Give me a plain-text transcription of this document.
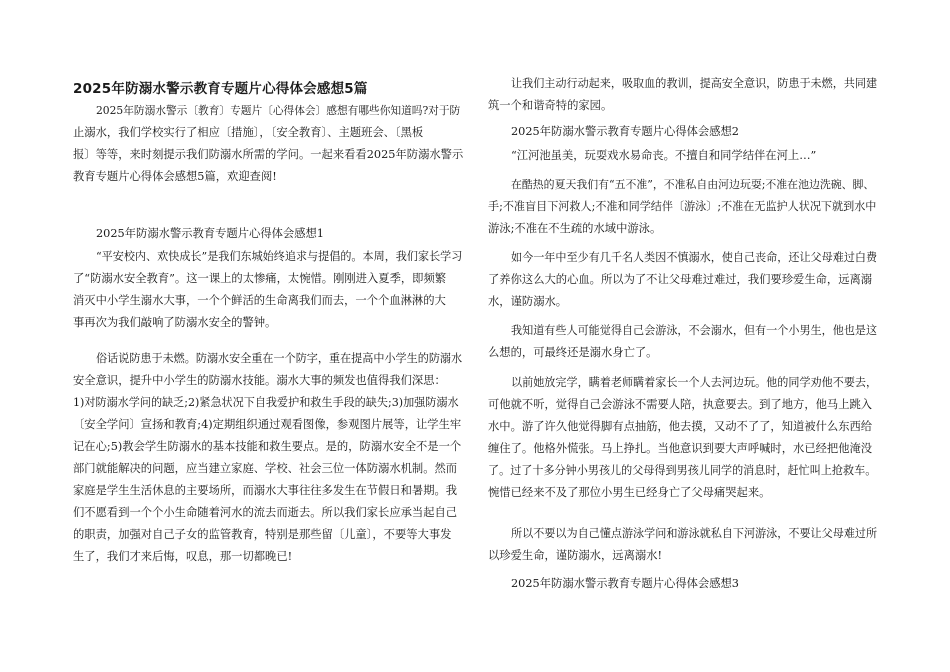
2025年防溺水警示教育专题片心得体会感想5篇
2025年防溺水警示〔教育〕专题片〔心得体会〕感想有哪些你知道吗?对于防
止溺水，我们学校实行了相应〔措施〕，〔安全教育〕、主题班会、〔黑板
报〕等等，来时刻提示我们防溺水所需的学问。一起来看看2025年防溺水警示
教育专题片心得体会感想5篇，欢迎查阅!
2025年防溺水警示教育专题片心得体会感想1
“平安校内、欢快成长”是我们东城始终追求与提倡的。本周，我们家长学习
了“防溺水安全教育”。这一课上的太惨痛，太惋惜。刚刚进入夏季，即频繁
消灭中小学生溺水大事，一个个鲜活的生命离我们而去，一个个血淋淋的大
事再次为我们敲响了防溺水安全的警钟。
俗话说防患于未燃。防溺水安全重在一个防字，重在提高中小学生的防溺水
安全意识，提升中小学生的防溺水技能。溺水大事的频发也值得我们深思：
1)对防溺水学问的缺乏;2)紧急状况下自我爱护和救生手段的缺失;3)加强防溺水
〔安全学问〕宣扬和教育;4)定期组织通过观看图像，参观图片展等，让学生牢
记在心;5)教会学生防溺水的基本技能和救生要点。是的，防溺水安全不是一个
部门就能解决的问题，应当建立家庭、学校、社会三位一体防溺水机制。然而
家庭是学生生活休息的主要场所，而溺水大事往往多发生在节假日和暑期。我
们不愿看到一个个小生命随着河水的流去而逝去。所以我们家长应承当起自己
的职责，加强对自己子女的监管教育，特别是那些留〔儿童〕，不要等大事发
生了，我们才来后悔，叹息，那一切都晚已!
让我们主动行动起来，吸取血的教训，提高安全意识，防患于未燃，共同建
筑一个和谐奇特的家园。
2025年防溺水警示教育专题片心得体会感想2
“江河池虽美，玩耍戏水易命丧。不擅自和同学结伴在河上…”
在酷热的夏天我们有“五不准”，不准私自由河边玩耍;不准在池边洗碗、脚、
手;不准盲目下河救人;不准和同学结伴〔游泳〕;不准在无监护人状况下就到水中
游泳;不准在不生疏的水域中游泳。
如今一年中至少有几千名人类因不慎溺水，使自己丧命，还让父母难过白费
了养你这么大的心血。所以为了不让父母难过难过，我们要珍爱生命，远离溺
水，谨防溺水。
我知道有些人可能觉得自己会游泳，不会溺水，但有一个小男生，他也是这
么想的，可最终还是溺水身亡了。
以前她放完学，瞒着老师瞒着家长一个人去河边玩。他的同学劝他不要去，
可他就不听，觉得自己会游泳不需要人陪，执意要去。到了地方，他马上跳入
水中。游了许久他觉得脚有点抽筋，他去摸，又动不了了，知道被什么东西给
缠住了。他格外慌张。马上挣扎。当他意识到要大声呼喊时，水已经把他淹没
了。过了十多分钟小男孩儿的父母得到男孩儿同学的消息时，赶忙叫上抢救车。
惋惜已经来不及了那位小男生已经身亡了父母痛哭起来。
所以不要以为自己懂点游泳学问和游泳就私自下河游泳，不要让父母难过所
以珍爱生命，谨防溺水，远离溺水!
2025年防溺水警示教育专题片心得体会感想3
